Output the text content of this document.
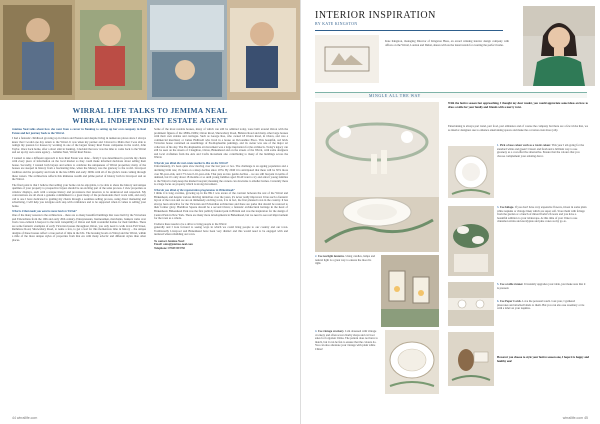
WIRRAL LIFE TALKS TO JEMIMA NEAL
WIRRAL INDEPENDENT ESTATE AGENT

Jemima Neal talks about how she went from a career in Banking to setting up her own company in Real Estate and her journey back to the Wirral.

I had a fantastic childhood growing up in Oxton and Prenton and despite living in numerous places since I always knew that I would one day return to the Wirral. It was when my partner and I moved to Malta that I was able to realign my passion for houses by working in one of the largest luxury Real Estate companies in the world, John Taylor. Once back home, after a short stint in banking, I decided that now was the time to come back to the Wirral and set up my own estate agency – Jemima Neal, Wirral Real Estate.

I wanted to take a different approach to how Real Estate was done – firstly I was determined to provide my clients with every piece of information on the local market so they could make informed decisions about selling their house. Secondly, I wanted both buyers and sellers to celebrate the uniqueness of Wirral properties; many of the houses are steeped in history from a fascinating time, when the Mersey was the gateway to the world. Liverpool tradition and the prosperity and trade in the late 1800s and early 1900s with all of the globe's trade coming through these waters. The architecture reflects this immense wealth and prime period of history both in Liverpool and on the Wirral.

The final point is that I believe that selling your home can be enjoyable, to be able to share the history and unique qualities of your property to prospective buyers should be an exciting part of the sales process. I view properties as window displays, each with a unique history and provenance that deserves to be understood and respected. My conversations are all about a genuine commitment to a great many of the professionals that I work with, and every call is one I have dedicated to guiding my clients through a seamless selling process, using direct marketing and advertising, I will help you navigate each step with confidence and to be supported when it comes to selling your home.

What is it that made you want to move back to Wirral?

One of the many reasons is the architecture – there are so many beautiful buildings that were built by the Victorians and Edwardians from the 19th and early 20th century. Entrepreneurs, businessmen, merchants, bankers came over from cross-cultural Liverpool to the rural tranquillity of Oxton and built wonderful homes for their families. There are some fantastic examples of early Victorian houses throughout Oxton, you only need to walk down Fell Street, Rathmore Road, Shrewsbury Road, to name a few, to get a feel for this momentous time in history – the unique designs of these houses reflect a true period of time in the UK. The housing boom on Wirral and the Wirral, within a mile of the more unique styles of properties from that era with many eclectic and different styles than other places.

Some of the most notable houses, many of which can still be admired today, were built around Oxton with the prominent figures of the 1800s-1900s; Oxton Road, Shrewsbury Road, Bidston Road and many other large houses with their own stables and carriages. Such as George Rae, who owned 18 Oxton Road, in Oxton, and was a commercial merchant; or James Halliwell who lived in a house on Devonshire Place. This beautiful, red brick Victorian house contained an assemblage of Pre-Raphaelite paintings, and its owner was one of the major art collectors of his day. The Pre-Raphaelite art movement was a large inspiration for the architects. Today's legacy can still be seen on the streets of Claughton, Oxton, Birkenhead and on the streets of the Wirral, with some designers and local craftsmen from the Arts and Crafts movement also contributing to many of the buildings across the Wirral.

What do you think the real estate market is like on the Wirral?

Unfortunately, it's been quite slow moving over the last year or two. The challenge is an ageing population and a declining birth rate; it's been on a sharp decline since 1974. By 2040 it is anticipated that there will be 30% more over 80-year-olds, and 17% less 0-16-year-olds. That puts us into gentle decline – we are still buoyant in terms of demand, but it's only about 18 months or so until young families aged 30-40 want to try and attract young families to the Wirral to help keep the market buoyant; meaning the owners can downsize to smaller homes. Currently there is a huge focus on property which is strong movement.

What do you think of the regeneration programmes in Birkenhead?

I think it is long overdue, growing up in the 80s I was aware of the contrast between the rest of the Wirral and Birkenhead, and despite various thriving initiatives over the years, it's never really improved. It has such a fantastic layout of the town and we are an immensely exciting town, it is in fact, the first planned town in the country. It has always been attractive for the Victorian and Edwardian architecture and there are parks that should be restored to their former glory. Hamilton Square should be a second Oxton; a fantastic architectural heritage in the heart of Birkenhead. Birkenhead Park was the first publicly funded park in Britain and was the inspiration for the design of Central Park in New York. There are many more developments in Birkenhead, but we need to see real improvement for the town as a whole.

I believe there needs to be a drive to bring people to the Wirral

generally and I look forward to seeing ways in which we could bring people to our country and our town. Traditionally Liverpool and Birkenhead have been very distinct and this would need to be engaged with and nurtured when rebuilding our town.

To contact Jemima Neal:

Email: sales@jemima-neal.com

Telephone: 07849 853750

44 wirrallife.com
INTERIOR INSPIRATION
BY KATE KINGSTON

Kate Kingston, managing Director of Kingston Haus, an award winning interior design company with offices on the Wirral, London and Dubai, shares with us the latest trends for creating the perfect home.

MINGLE ALL THE WAY

With the festive season fast approaching, I thought my dear reader, you would appreciate some ideas on how to dress a table for your family and friends with a merry twist.

Entertaining is always part trend, part food, part ambience and of course the company but there are a few tricks that, we as interior designers use to enhance entertaining spaces and make the occasion even more jolly.

1. Pick a base colour such as a rustic colour. This year I am going for the standard white and green! Classic and fresh and a brilliant way to use greenery as a cost effective alternative. Ensure that the colours that you choose complement your existing décor.
2. Use tea light lanterns. Using candles, lamps and natural light is a great way to ensure the mood is right.
3. Use foliage. If you don't have very expensive flowers, invest in some plain white napkins or vintage linen which are super soft. Store them with foliage from the garden or a bunch of mixed florist's flowers and you have a beautiful addition to your tablescape. At this time of year I like to use cinnamon sticks and eucalyptus and pine cones as my go-to.
4. Use vintage crockery. I am obsessed with vintage crockery and often scour charity shops and car boot sales for forgotten China. The pattern does not have to match, but it can be fun to ensure that the colours do. You can also alternate your vintage with plain white China!
5. Use a table runner. It instantly upgrades your table, just make sure that it is pressed.
6. Use Paper Cards. Love the personal touch. Last year, I gathered pinecones and attached labels to them. But you can also use rosemary or tie with a label on your napkins.

However you choose to style your festive season one, I hope it is happy and healthy one!

wirrallife.com 45
